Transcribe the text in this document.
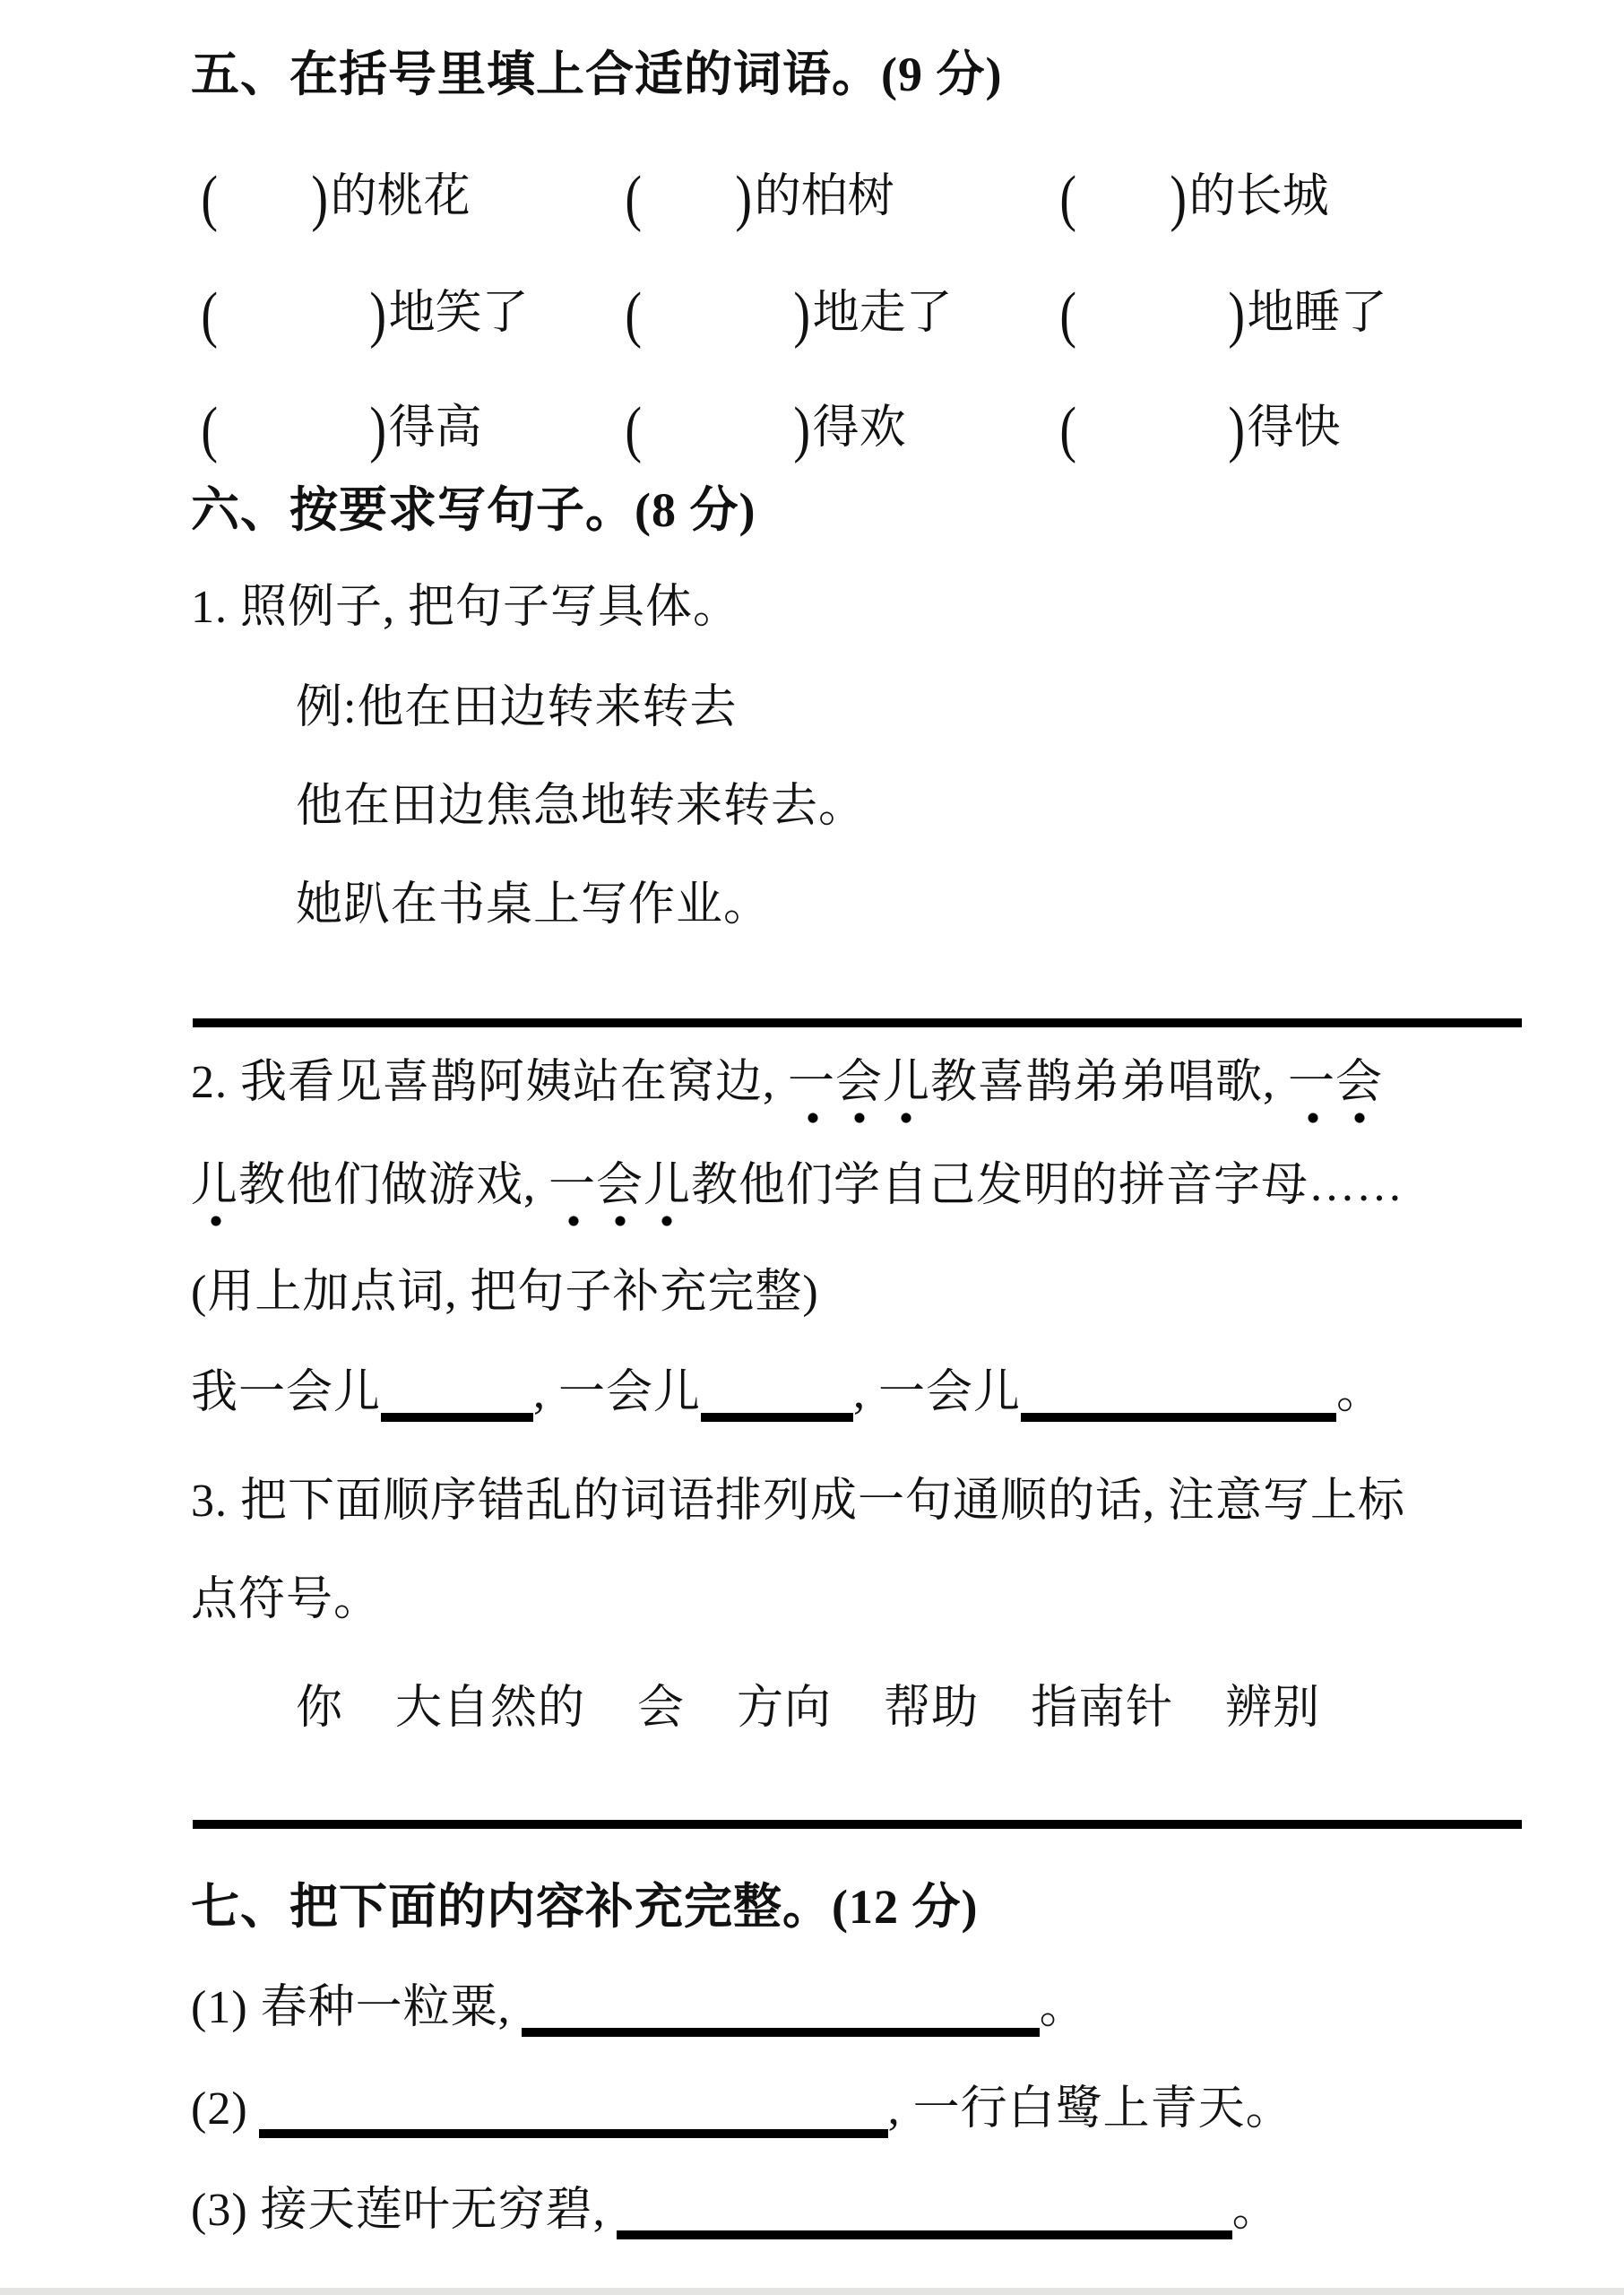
五、在括号里填上合适的词语。(9 分)
( )的桃花 ( )的柏树	( )的长城
( )地笑了 ( )地走了 ( )地睡了
( )得高 ( )得欢 ( )得快
六、按要求写句子。(8 分)
1. 照例子, 把句子写具体。
例:他在田边转来转去
他在田边焦急地转来转去。
她趴在书桌上写作业。
2. 我看见喜鹊阿姨站在窝边, 一会儿教喜鹊弟弟唱歌, 一会
儿教他们做游戏, 一会儿教他们学自己发明的拼音字母……
(用上加点词, 把句子补充完整)
我一会儿	, 一会儿	, 一会儿	。
3. 把下面顺序错乱的词语排列成一句通顺的话, 注意写上标
点符号。
你 大自然的 会 方向 帮助 指南针 辨别
七、把下面的内容补充完整。(12 分)
(1) 春种一粒粟,	。
(2)	, 一行白鹭上青天。
(3) 接天莲叶无穷碧,	。
